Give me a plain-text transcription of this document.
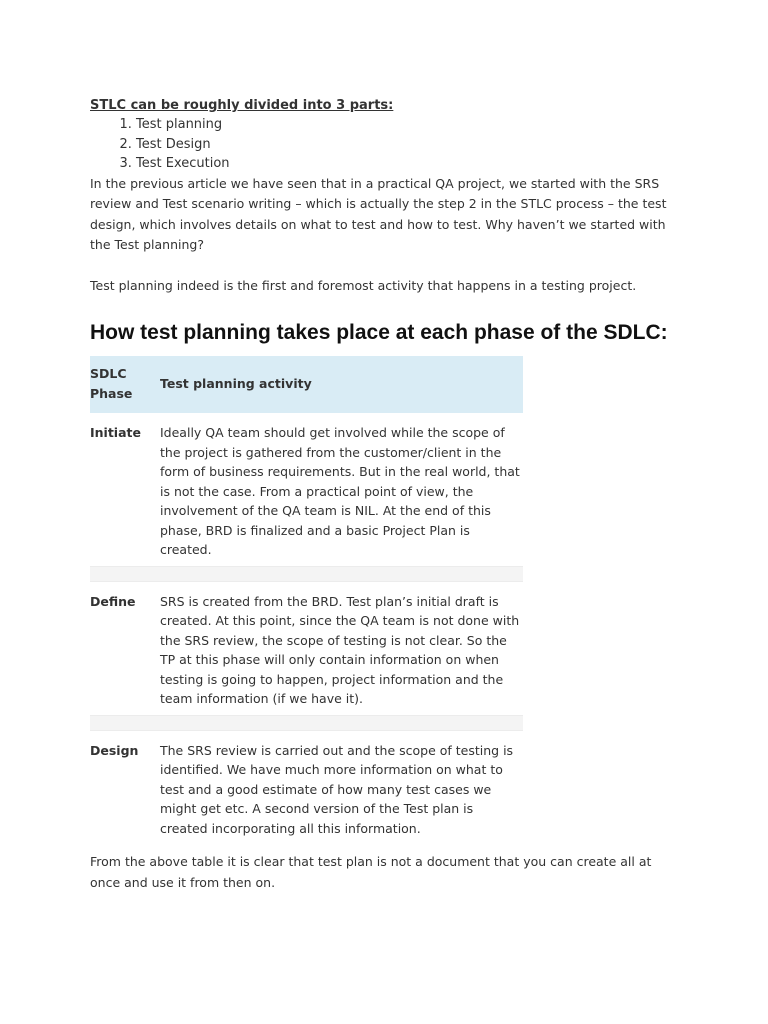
STLC can be roughly divided into 3 parts:

1. Test planning
2. Test Design
3. Test Execution

In the previous article we have seen that in a practical QA project, we started with the SRS review and Test scenario writing – which is actually the step 2 in the STLC process – the test design, which involves details on what to test and how to test. Why haven’t we started with the Test planning?

Test planning indeed is the first and foremost activity that happens in a testing project.

How test planning takes place at each phase of the SDLC:
SDLC Phase	Test planning activity
Initiate	Ideally QA team should get involved while the scope of the project is gathered from the customer/client in the form of business requirements. But in the real world, that is not the case. From a practical point of view, the involvement of the QA team is NIL. At the end of this phase, BRD is finalized and a basic Project Plan is created.

Define	SRS is created from the BRD. Test plan’s initial draft is created. At this point, since the QA team is not done with the SRS review, the scope of testing is not clear. So the TP at this phase will only contain information on when testing is going to happen, project information and the team information (if we have it).

Design	The SRS review is carried out and the scope of testing is identified. We have much more information on what to test and a good estimate of how many test cases we might get etc. A second version of the Test plan is created incorporating all this information.

From the above table it is clear that test plan is not a document that you can create all at once and use it from then on.
